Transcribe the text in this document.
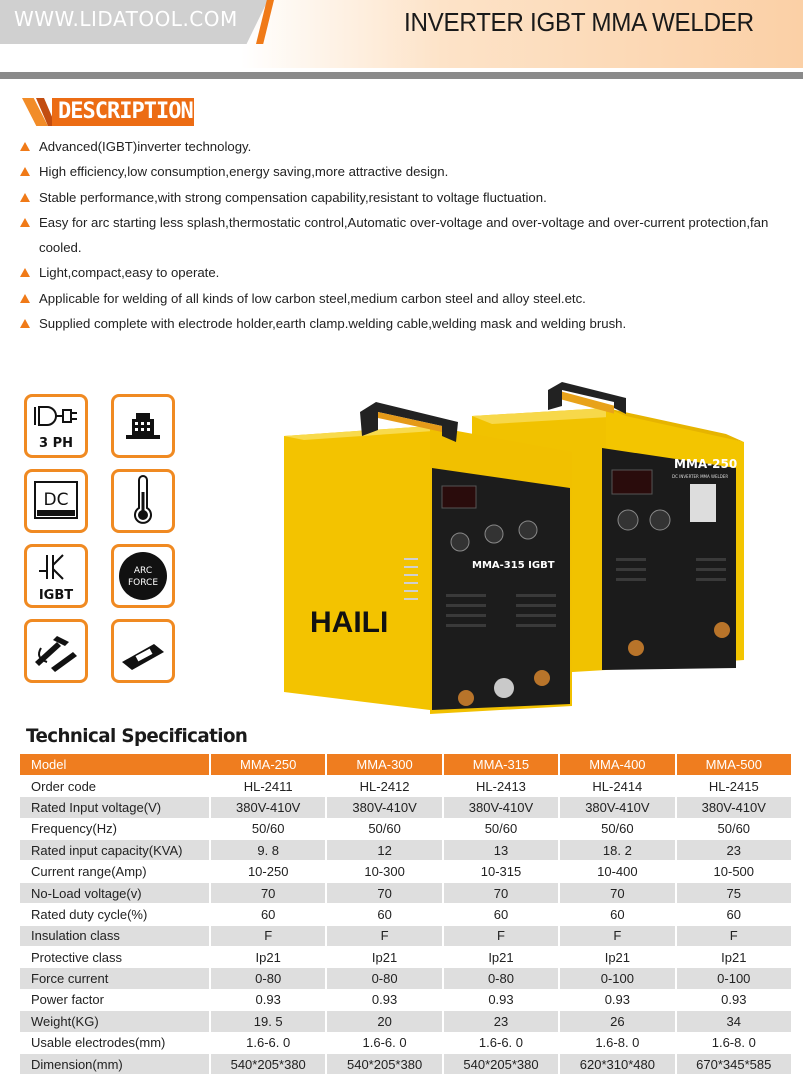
WWW.LIDATOOL.COM	INVERTER IGBT MMA WELDER
DESCRIPTION
Advanced(IGBT)inverter technology.
High efficiency,low consumption,energy saving,more attractive design.
Stable performance,with strong compensation capability,resistant to voltage fluctuation.
Easy for arc starting less splash,thermostatic control,Automatic over-voltage and over-voltage and over-current protection,fan cooled.
Light,compact,easy to operate.
Applicable for welding of all kinds of low carbon steel,medium carbon steel and alloy steel.etc.
Supplied complete with electrode holder,earth clamp.welding cable,welding mask and welding brush.
3 PH
DC
IGBT
ARC
FORCE
MMA-250
DC INVERTER MMA WELDER
HAILI
MMA-315 IGBT
Technical Specification
Model	MMA-250	MMA-300	MMA-315	MMA-400	MMA-500
Order code	HL-2411	HL-2412	HL-2413	HL-2414	HL-2415
Rated Input voltage(V)	380V-410V	380V-410V	380V-410V	380V-410V	380V-410V
Frequency(Hz)	50/60	50/60	50/60	50/60	50/60
Rated input capacity(KVA)	9. 8	12	13	18. 2	23
Current range(Amp)	10-250	10-300	10-315	10-400	10-500
No-Load voltage(v)	70	70	70	70	75
Rated duty cycle(%)	60	60	60	60	60
Insulation class	F	F	F	F	F
Protective class	Ip21	Ip21	Ip21	Ip21	Ip21
Force current	0-80	0-80	0-80	0-100	0-100
Power factor	0.93	0.93	0.93	0.93	0.93
Weight(KG)	19. 5	20	23	26	34
Usable electrodes(mm)	1.6-6. 0	1.6-6. 0	1.6-6. 0	1.6-8. 0	1.6-8. 0
Dimension(mm)	540*205*380	540*205*380	540*205*380	620*310*480	670*345*585
